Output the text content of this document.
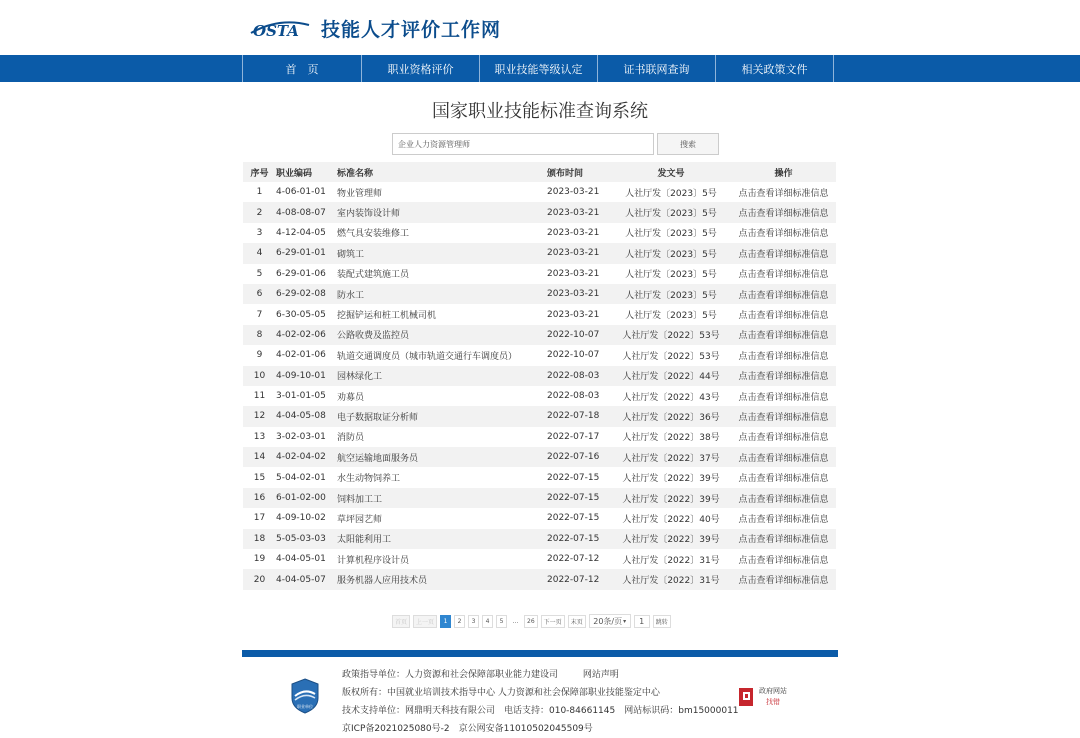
OSTA 技能人才评价工作网
首　页	职业资格评价	职业技能等级认定	证书联网查询	相关政策文件
国家职业技能标准查询系统
企业人力资源管理师
搜索
序号	职业编码	标准名称	颁布时间	发文号	操作
1	4-06-01-01	物业管理师	2023-03-21	人社厅发〔2023〕5号	点击查看详细标准信息
2	4-08-08-07	室内装饰设计师	2023-03-21	人社厅发〔2023〕5号	点击查看详细标准信息
3	4-12-04-05	燃气具安装维修工	2023-03-21	人社厅发〔2023〕5号	点击查看详细标准信息
4	6-29-01-01	砌筑工	2023-03-21	人社厅发〔2023〕5号	点击查看详细标准信息
5	6-29-01-06	装配式建筑施工员	2023-03-21	人社厅发〔2023〕5号	点击查看详细标准信息
6	6-29-02-08	防水工	2023-03-21	人社厅发〔2023〕5号	点击查看详细标准信息
7	6-30-05-05	挖掘铲运和桩工机械司机	2023-03-21	人社厅发〔2023〕5号	点击查看详细标准信息
8	4-02-02-06	公路收费及监控员	2022-10-07	人社厅发〔2022〕53号	点击查看详细标准信息
9	4-02-01-06	轨道交通调度员（城市轨道交通行车调度员）	2022-10-07	人社厅发〔2022〕53号	点击查看详细标准信息
10	4-09-10-01	园林绿化工	2022-08-03	人社厅发〔2022〕44号	点击查看详细标准信息
11	3-01-01-05	劝募员	2022-08-03	人社厅发〔2022〕43号	点击查看详细标准信息
12	4-04-05-08	电子数据取证分析师	2022-07-18	人社厅发〔2022〕36号	点击查看详细标准信息
13	3-02-03-01	消防员	2022-07-17	人社厅发〔2022〕38号	点击查看详细标准信息
14	4-02-04-02	航空运输地面服务员	2022-07-16	人社厅发〔2022〕37号	点击查看详细标准信息
15	5-04-02-01	水生动物饲养工	2022-07-15	人社厅发〔2022〕39号	点击查看详细标准信息
16	6-01-02-00	饲料加工工	2022-07-15	人社厅发〔2022〕39号	点击查看详细标准信息
17	4-09-10-02	草坪园艺师	2022-07-15	人社厅发〔2022〕40号	点击查看详细标准信息
18	5-05-03-03	太阳能利用工	2022-07-15	人社厅发〔2022〕39号	点击查看详细标准信息
19	4-04-05-01	计算机程序设计员	2022-07-12	人社厅发〔2022〕31号	点击查看详细标准信息
20	4-04-05-07	服务机器人应用技术员	2022-07-12	人社厅发〔2022〕31号	点击查看详细标准信息
首页	上一页	1	2	3	4	5	...	26	下一页	末页	20条/页 ▾	1	跳转
职业单位
政策指导单位：人力资源和社会保障部职业能力建设司	网站声明
版权所有：中国就业培训技术指导中心 人力资源和社会保障部职业技能鉴定中心
技术支持单位：网鼎明天科技有限公司　电话支持：010-84661145　网站标识码：bm15000011
京ICP备2021025080号-2　京公网安备11010502045509号
政府网站
找错
